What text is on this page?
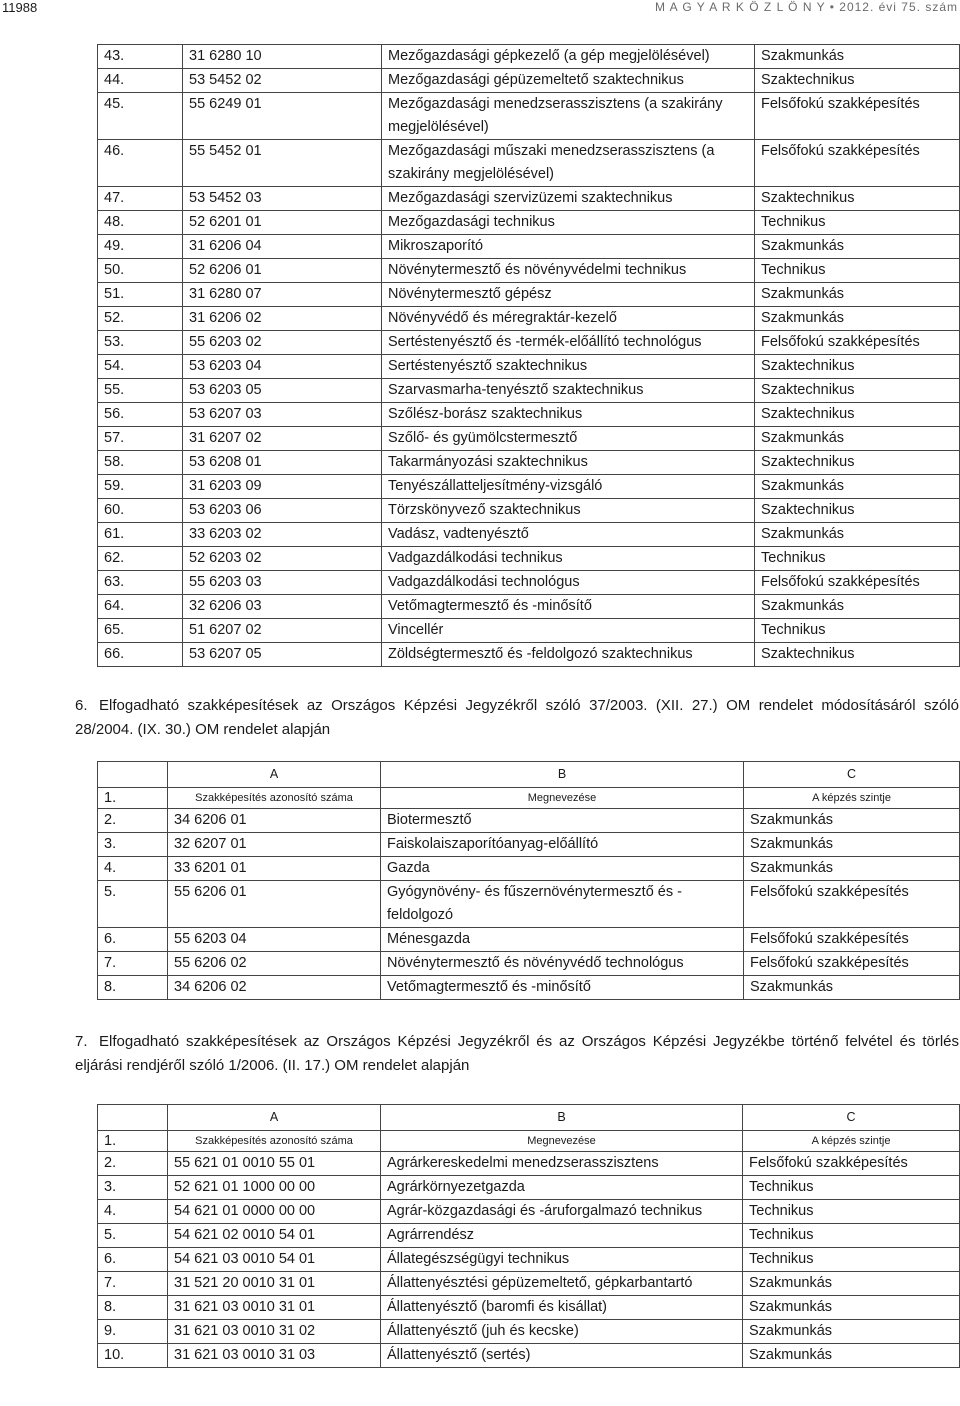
11988	M A G Y A R K Ö Z L Ö N Y • 2012. évi 75. szám
43.	31 6280 10	Mezőgazdasági gépkezelő (a gép megjelölésével)	Szakmunkás
44.	53 5452 02	Mezőgazdasági gépüzemeltető szaktechnikus	Szaktechnikus
45.	55 6249 01	Mezőgazdasági menedzserasszisztens (a szakirány megjelölésével)	Felsőfokú szakképesítés
46.	55 5452 01	Mezőgazdasági műszaki menedzserasszisztens (a szakirány megjelölésével)	Felsőfokú szakképesítés
47.	53 5452 03	Mezőgazdasági szervizüzemi szaktechnikus	Szaktechnikus
48.	52 6201 01	Mezőgazdasági technikus	Technikus
49.	31 6206 04	Mikroszaporító	Szakmunkás
50.	52 6206 01	Növénytermesztő és növényvédelmi technikus	Technikus
51.	31 6280 07	Növénytermesztő gépész	Szakmunkás
52.	31 6206 02	Növényvédő és méregraktár-kezelő	Szakmunkás
53.	55 6203 02	Sertéstenyésztő és -termék-előállító technológus	Felsőfokú szakképesítés
54.	53 6203 04	Sertéstenyésztő szaktechnikus	Szaktechnikus
55.	53 6203 05	Szarvasmarha-tenyésztő szaktechnikus	Szaktechnikus
56.	53 6207 03	Szőlész-borász szaktechnikus	Szaktechnikus
57.	31 6207 02	Szőlő- és gyümölcstermesztő	Szakmunkás
58.	53 6208 01	Takarmányozási szaktechnikus	Szaktechnikus
59.	31 6203 09	Tenyészállatteljesítmény-vizsgáló	Szakmunkás
60.	53 6203 06	Törzskönyvező szaktechnikus	Szaktechnikus
61.	33 6203 02	Vadász, vadtenyésztő	Szakmunkás
62.	52 6203 02	Vadgazdálkodási technikus	Technikus
63.	55 6203 03	Vadgazdálkodási technológus	Felsőfokú szakképesítés
64.	32 6206 03	Vetőmagtermesztő és -minősítő	Szakmunkás
65.	51 6207 02	Vincellér	Technikus
66.	53 6207 05	Zöldségtermesztő és -feldolgozó szaktechnikus	Szaktechnikus
6. Elfogadható szakképesítések az Országos Képzési Jegyzékről szóló 37/2003. (XII. 27.) OM rendelet módosításáról szóló 28/2004. (IX. 30.) OM rendelet alapján
	A	B	C
1.	Szakképesítés azonosító száma	Megnevezése	A képzés szintje
2.	34 6206 01	Biotermesztő	Szakmunkás
3.	32 6207 01	Faiskolaiszaporítóanyag-előállító	Szakmunkás
4.	33 6201 01	Gazda	Szakmunkás
5.	55 6206 01	Gyógynövény- és fűszernövénytermesztő és -feldolgozó	Felsőfokú szakképesítés
6.	55 6203 04	Ménesgazda	Felsőfokú szakképesítés
7.	55 6206 02	Növénytermesztő és növényvédő technológus	Felsőfokú szakképesítés
8.	34 6206 02	Vetőmagtermesztő és -minősítő	Szakmunkás
7. Elfogadható szakképesítések az Országos Képzési Jegyzékről és az Országos Képzési Jegyzékbe történő felvétel és törlés eljárási rendjéről szóló 1/2006. (II. 17.) OM rendelet alapján
	A	B	C
1.	Szakképesítés azonosító száma	Megnevezése	A képzés szintje
2.	55 621 01 0010 55 01	Agrárkereskedelmi menedzserasszisztens	Felsőfokú szakképesítés
3.	52 621 01 1000 00 00	Agrárkörnyezetgazda	Technikus
4.	54 621 01 0000 00 00	Agrár-közgazdasági és -áruforgalmazó technikus	Technikus
5.	54 621 02 0010 54 01	Agrárrendész	Technikus
6.	54 621 03 0010 54 01	Állategészségügyi technikus	Technikus
7.	31 521 20 0010 31 01	Állattenyésztési gépüzemeltető, gépkarbantartó	Szakmunkás
8.	31 621 03 0010 31 01	Állattenyésztő (baromfi és kisállat)	Szakmunkás
9.	31 621 03 0010 31 02	Állattenyésztő (juh és kecske)	Szakmunkás
10.	31 621 03 0010 31 03	Állattenyésztő (sertés)	Szakmunkás
